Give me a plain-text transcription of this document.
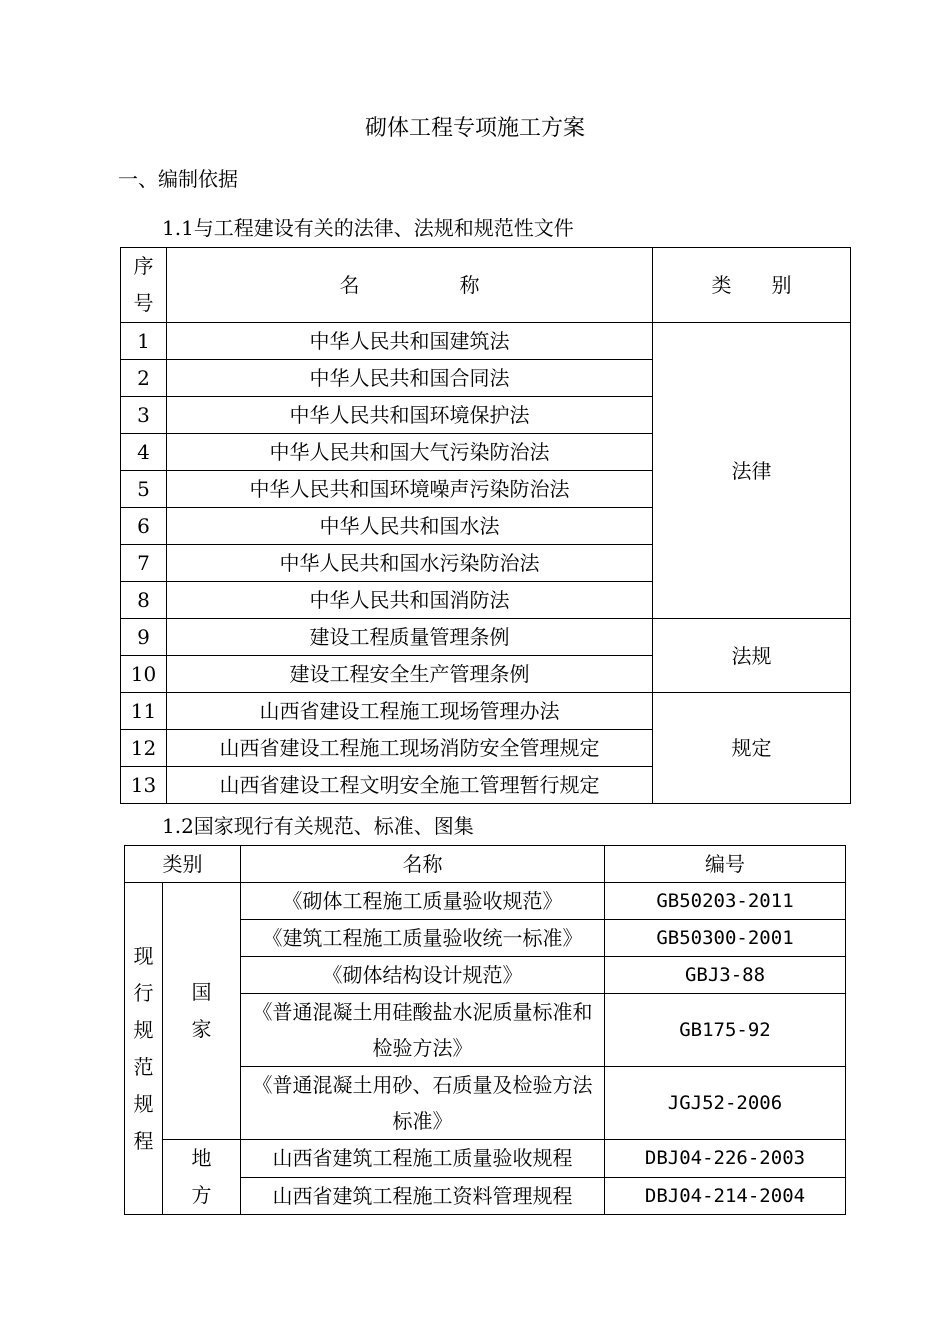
砌体工程专项施工方案
一、编制依据
1.1与工程建设有关的法律、法规和规范性文件
序号	名　　　　　称	类　　别
1	中华人民共和国建筑法	法律
2	中华人民共和国合同法	
3	中华人民共和国环境保护法	
4	中华人民共和国大气污染防治法	
5	中华人民共和国环境噪声污染防治法	
6	中华人民共和国水法	
7	中华人民共和国水污染防治法	
8	中华人民共和国消防法	
9	建设工程质量管理条例	法规
10	建设工程安全生产管理条例	
11	山西省建设工程施工现场管理办法	规定
12	山西省建设工程施工现场消防安全管理规定	
13	山西省建设工程文明安全施工管理暂行规定	
1.2国家现行有关规范、标准、图集
类别		名称	编号
现行规范　规程	国　家	《砌体工程施工质量验收规范》	GB50203-2011
		《建筑工程施工质量验收统一标准》	GB50300-2001
		《砌体结构设计规范》	GBJ3-88

		《普通混凝土用硅酸盐水泥质量标准和检验方法》	GB175-92

		《普通混凝土用砂、石质量及检验方法标准》	JGJ52-2006
	地方	山西省建筑工程施工质量验收规程	DBJ04-226-2003
		山西省建筑工程施工资料管理规程	DBJ04-214-2004
